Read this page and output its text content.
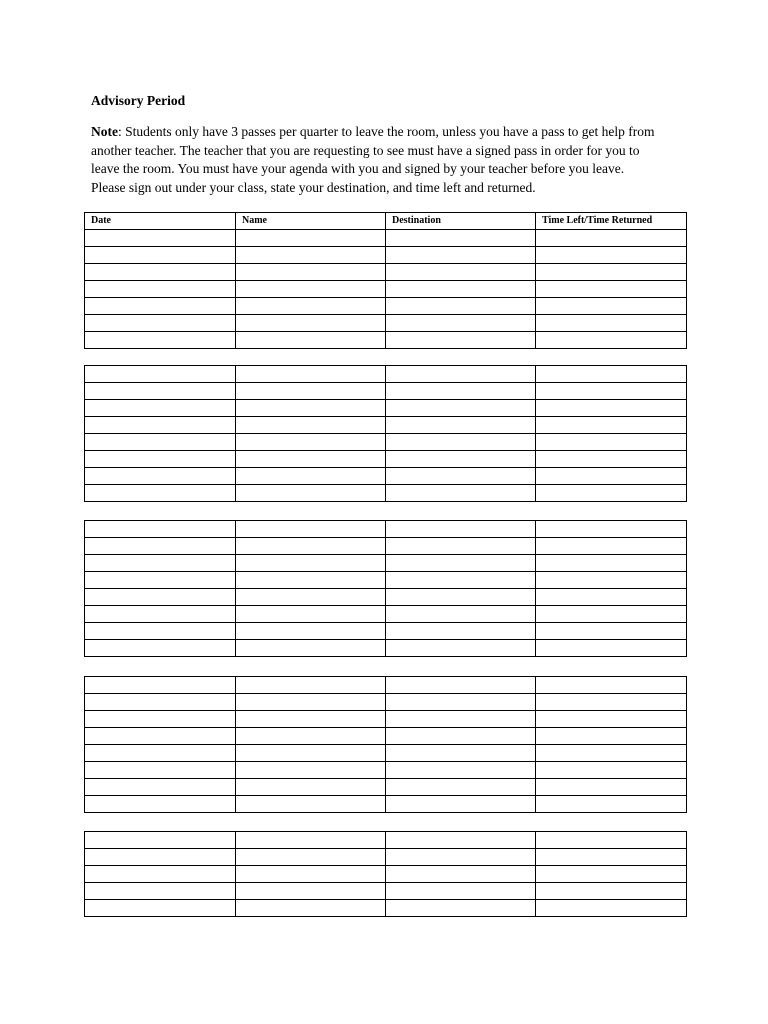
Advisory Period
Note: Students only have 3 passes per quarter to leave the room, unless you have a pass to get help from
another teacher. The teacher that you are requesting to see must have a signed pass in order for you to
leave the room. You must have your agenda with you and signed by your teacher before you leave.
Please sign out under your class, state your destination, and time left and returned.
Date	Name	Destination	Time Left/Time Returned
